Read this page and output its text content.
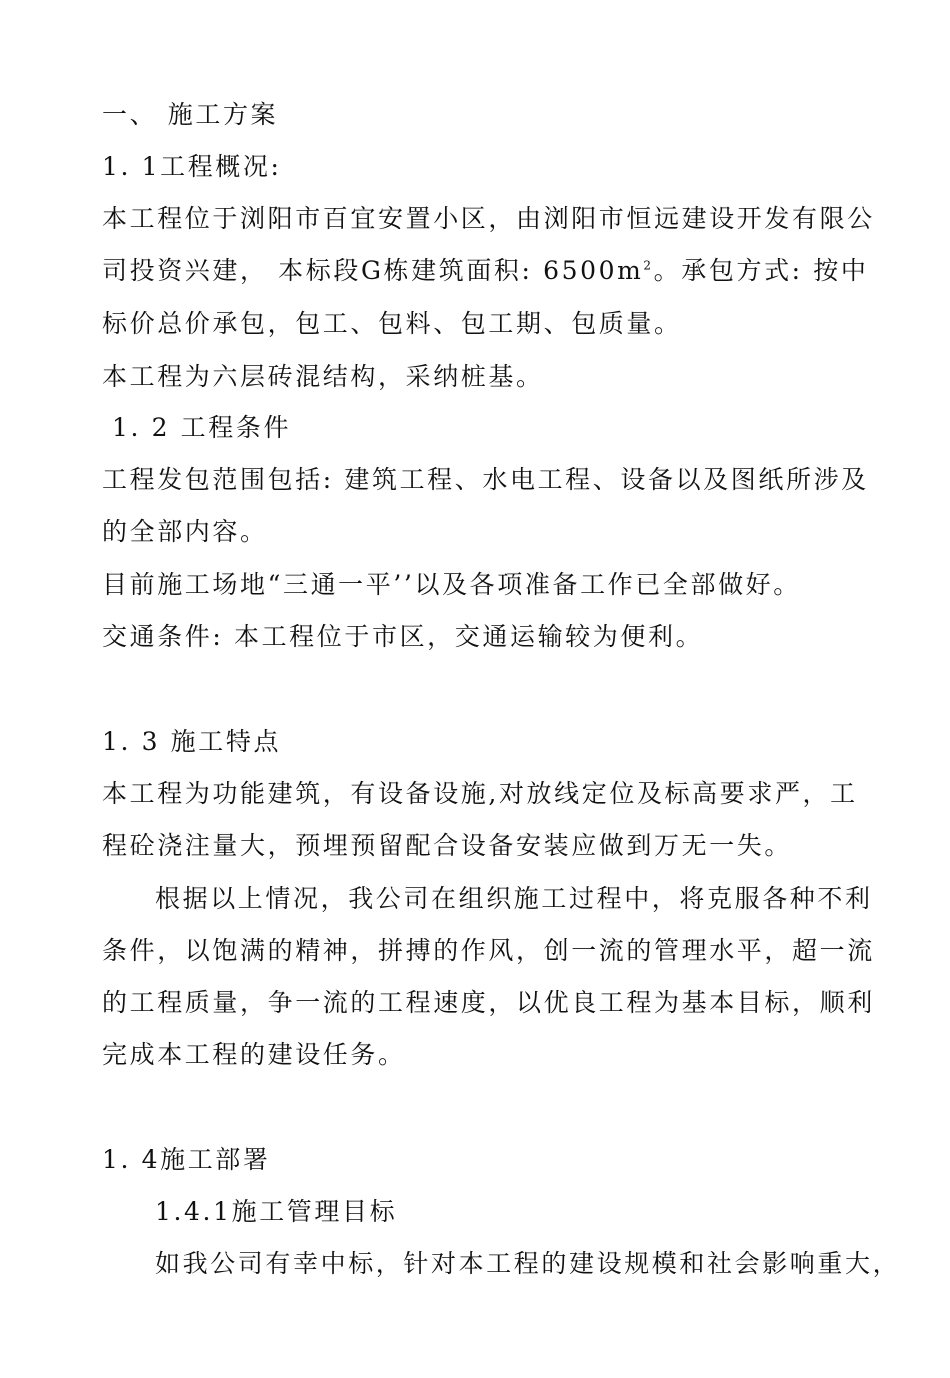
一、 施工方案
1. 1工程概况:
本工程位于浏阳市百宜安置小区，由浏阳市恒远建设开发有限公
司投资兴建， 本标段G栋建筑面积: $6500m^2$。承包方式: 按中
标价总价承包，包工、包料、包工期、包质量。
本工程为六层砖混结构，采纳桩基。
1. 2 工程条件
工程发包范围包括: 建筑工程、水电工程、设备以及图纸所涉及
的全部内容。
目前施工场地“三通一平’’以及各项准备工作已全部做好。
交通条件: 本工程位于市区，交通运输较为便利。
1. 3 施工特点
本工程为功能建筑，有设备设施,对放线定位及标高要求严，工
程砼浇注量大，预埋预留配合设备安装应做到万无一失。
根据以上情况，我公司在组织施工过程中，将克服各种不利
条件，以饱满的精神，拼搏的作风，创一流的管理水平，超一流
的工程质量，争一流的工程速度，以优良工程为基本目标，顺利
完成本工程的建设任务。
1. 4施工部署
1.4.1施工管理目标
如我公司有幸中标，针对本工程的建设规模和社会影响重大，
